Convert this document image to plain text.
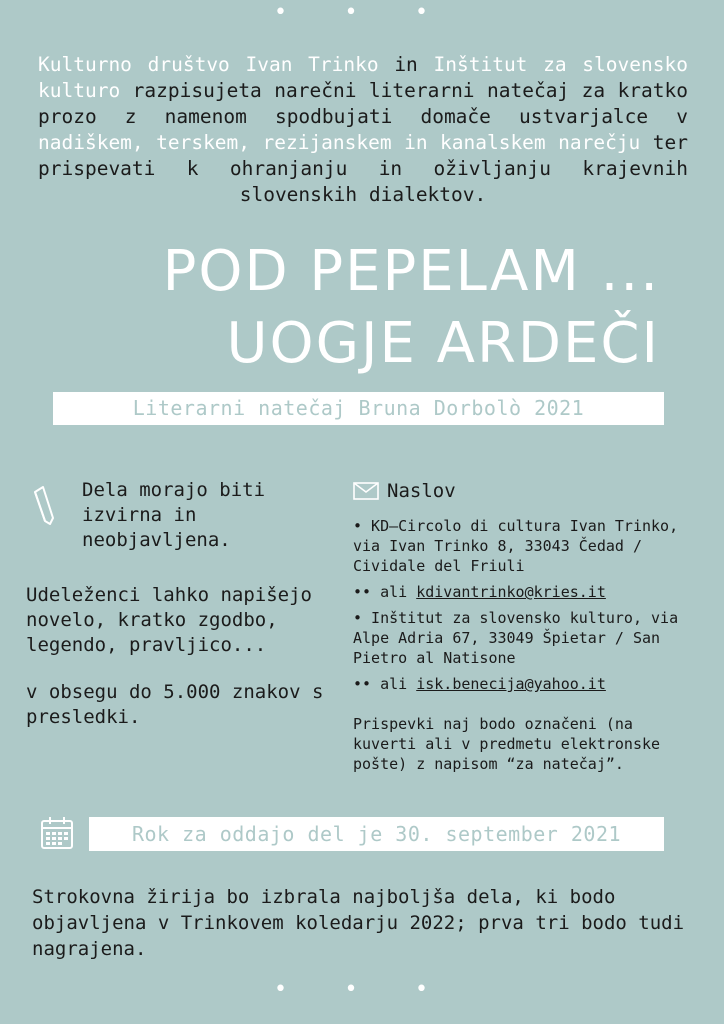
• • •
Kulturno društvo Ivan Trinko in Inštitut za slovensko kulturo razpisujeta narečni literarni natečaj za kratko prozo z namenom spodbujati domače ustvarjalce v nadiškem, terskem, rezijanskem in kanalskem narečju ter prispevati k ohranjanju in oživljanju krajevnih slovenskih dialektov.
POD PEPELAM ...
UOGJE ARDEČI
Literarni natečaj Bruna Dorbolò 2021
Dela morajo biti izvirna in neobjavljena.
Udeleženci lahko napišejo novelo, kratko zgodbo, legendo, pravljico...
v obsegu do 5.000 znakov s presledki.
Naslov
• KD–Circolo di cultura Ivan Trinko, via Ivan Trinko 8, 33043 Čedad / Cividale del Friuli
•• ali kdivantrinko@kries.it
• Inštitut za slovensko kulturo, via Alpe Adria 67, 33049 Špietar / San Pietro al Natisone
•• ali isk.benecija@yahoo.it
Prispevki naj bodo označeni (na kuverti ali v predmetu elektronske pošte) z napisom “za natečaj”.
Rok za oddajo del je 30. september 2021
Strokovna žirija bo izbrala najboljša dela, ki bodo objavljena v Trinkovem koledarju 2022; prva tri bodo tudi nagrajena.
• • •
